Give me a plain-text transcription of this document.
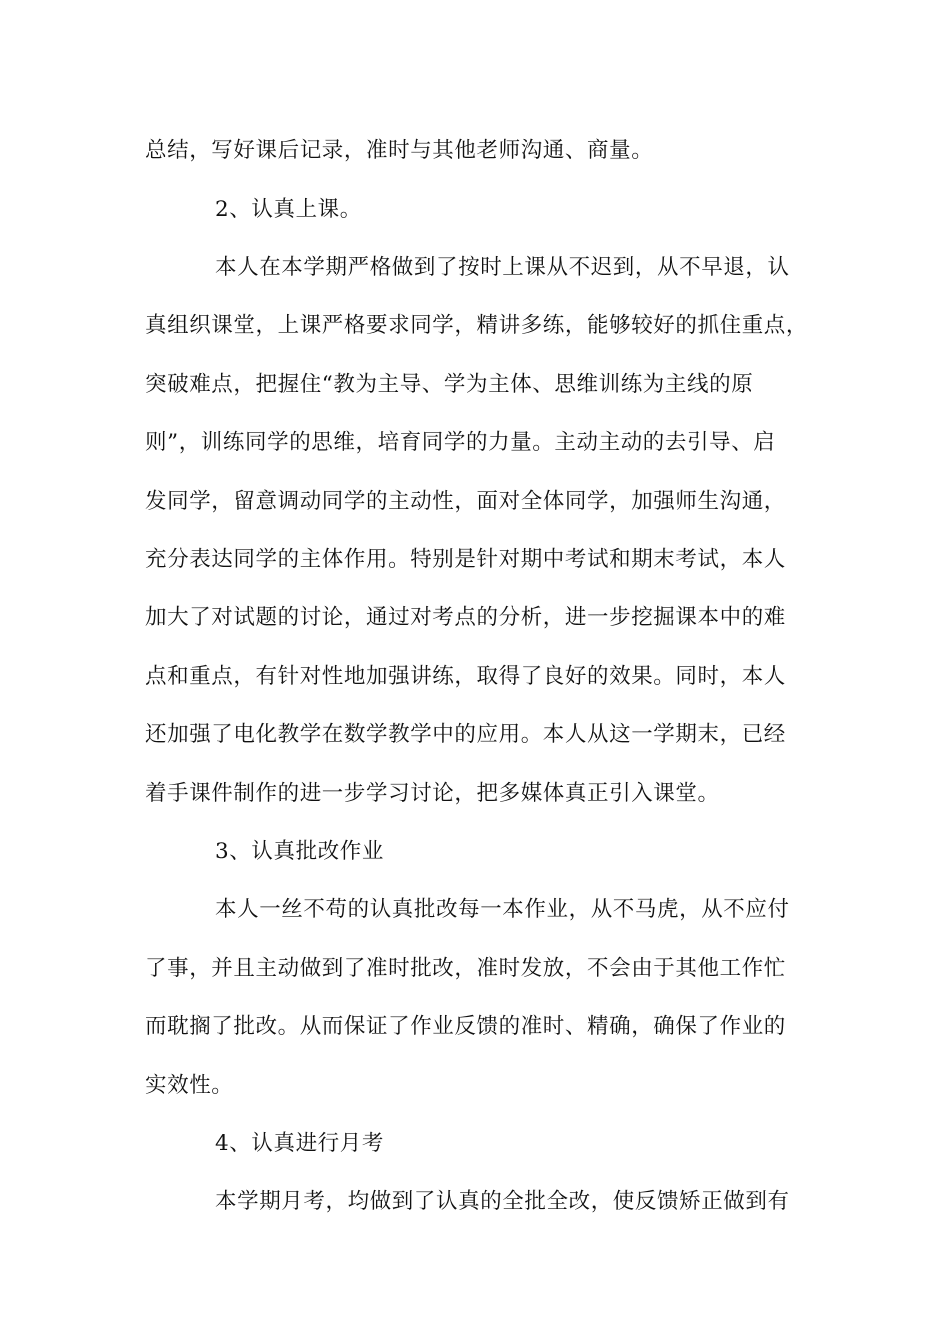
总结，写好课后记录，准时与其他老师沟通、商量。
2、认真上课。
本人在本学期严格做到了按时上课从不迟到，从不早退，认
真组织课堂，上课严格要求同学，精讲多练，能够较好的抓住重点，
突破难点，把握住“教为主导、学为主体、思维训练为主线的原
则”，训练同学的思维，培育同学的力量。主动主动的去引导、启
发同学，留意调动同学的主动性，面对全体同学，加强师生沟通，
充分表达同学的主体作用。特别是针对期中考试和期末考试，本人
加大了对试题的讨论，通过对考点的分析，进一步挖掘课本中的难
点和重点，有针对性地加强讲练，取得了良好的效果。同时，本人
还加强了电化教学在数学教学中的应用。本人从这一学期末，已经
着手课件制作的进一步学习讨论，把多媒体真正引入课堂。
3、认真批改作业
本人一丝不苟的认真批改每一本作业，从不马虎，从不应付
了事，并且主动做到了准时批改，准时发放，不会由于其他工作忙
而耽搁了批改。从而保证了作业反馈的准时、精确，确保了作业的
实效性。
4、认真进行月考
本学期月考，均做到了认真的全批全改，使反馈矫正做到有
